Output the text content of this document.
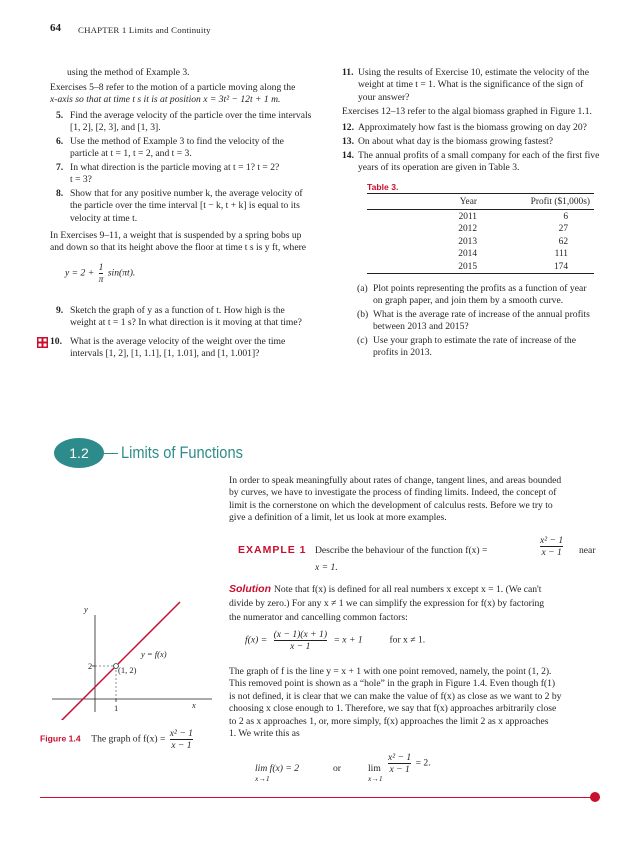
64 CHAPTER 1 Limits and Continuity
using the method of Example 3.
Exercises 5–8 refer to the motion of a particle moving along the
x-axis so that at time t s it is at position x = 3t² − 12t + 1 m.
5. Find the average velocity of the particle over the time intervals
[1, 2], [2, 3], and [1, 3].
6. Use the method of Example 3 to find the velocity of the
particle at t = 1, t = 2, and t = 3.
7. In what direction is the particle moving at t = 1? t = 2?
t = 3?
8. Show that for any positive number k, the average velocity of
the particle over the time interval [t − k, t + k] is equal to its
velocity at time t.
In Exercises 9–11, a weight that is suspended by a spring bobs up
and down so that its height above the floor at time t s is y ft, where
$y = 2 + \frac{1}{\pi} \sin(\pi t)$.
9. Sketch the graph of y as a function of t. How high is the
weight at t = 1 s? In what direction is it moving at that time?
10. What is the average velocity of the weight over the time
intervals [1, 2], [1, 1.1], [1, 1.01], and [1, 1.001]?
11. Using the results of Exercise 10, estimate the velocity of the
weight at time t = 1. What is the significance of the sign of
your answer?
Exercises 12–13 refer to the algal biomass graphed in Figure 1.1.
12. Approximately how fast is the biomass growing on day 20?
13. On about what day is the biomass growing fastest?
14. The annual profits of a small company for each of the first five
years of its operation are given in Table 3.
Table 3.
Year	Profit ($1,000s)
2011	6
2012	27
2013	62
2014	111
2015	174
(a) Plot points representing the profits as a function of year
on graph paper, and join them by a smooth curve.
(b) What is the average rate of increase of the annual profits
between 2013 and 2015?
(c) Use your graph to estimate the rate of increase of the
profits in 2013.
1.2	Limits of Functions
In order to speak meaningfully about rates of change, tangent lines, and areas bounded
by curves, we have to investigate the process of finding limits. Indeed, the concept of
limit is the cornerstone on which the development of calculus rests. Before we try to
give a definition of a limit, let us look at more examples.
EXAMPLE 1 Describe the behaviour of the function f(x) =	$\frac{\text{x² − 1}}{x - 1}$ near
x = 1.
Solution Note that f(x) is defined for all real numbers x except x = 1. (We can't
divide by zero.) For any x ≠ 1 we can simplify the expression for f(x) by factoring
the numerator and cancelling common factors:
$f(x) = \frac{(x - 1)(x + 1)}{x - 1} = x + 1$	for x ≠ 1.
The graph of f is the line y = x + 1 with one point removed, namely, the point (1, 2).
This removed point is shown as a “hole” in the graph in Figure 1.4. Even though f(1)
is not defined, it is clear that we can make the value of f(x) as close as we want to 2 by
choosing x close enough to 1. Therefore, we say that f(x) approaches arbitrarily close
to 2 as x approaches 1, or, more simply, f(x) approaches the limit 2 as x approaches
1. We write this as
lim f(x) = 2
x→1
or	lim
x→1
$\frac{\text{x² − 1}}{x - 1} = 2$.
y
x
y = f(x)
(1, 2)
2
1
Figure 1.4 The graph of $f(x) = \frac{\text{x² − 1}}{x - 1}$
